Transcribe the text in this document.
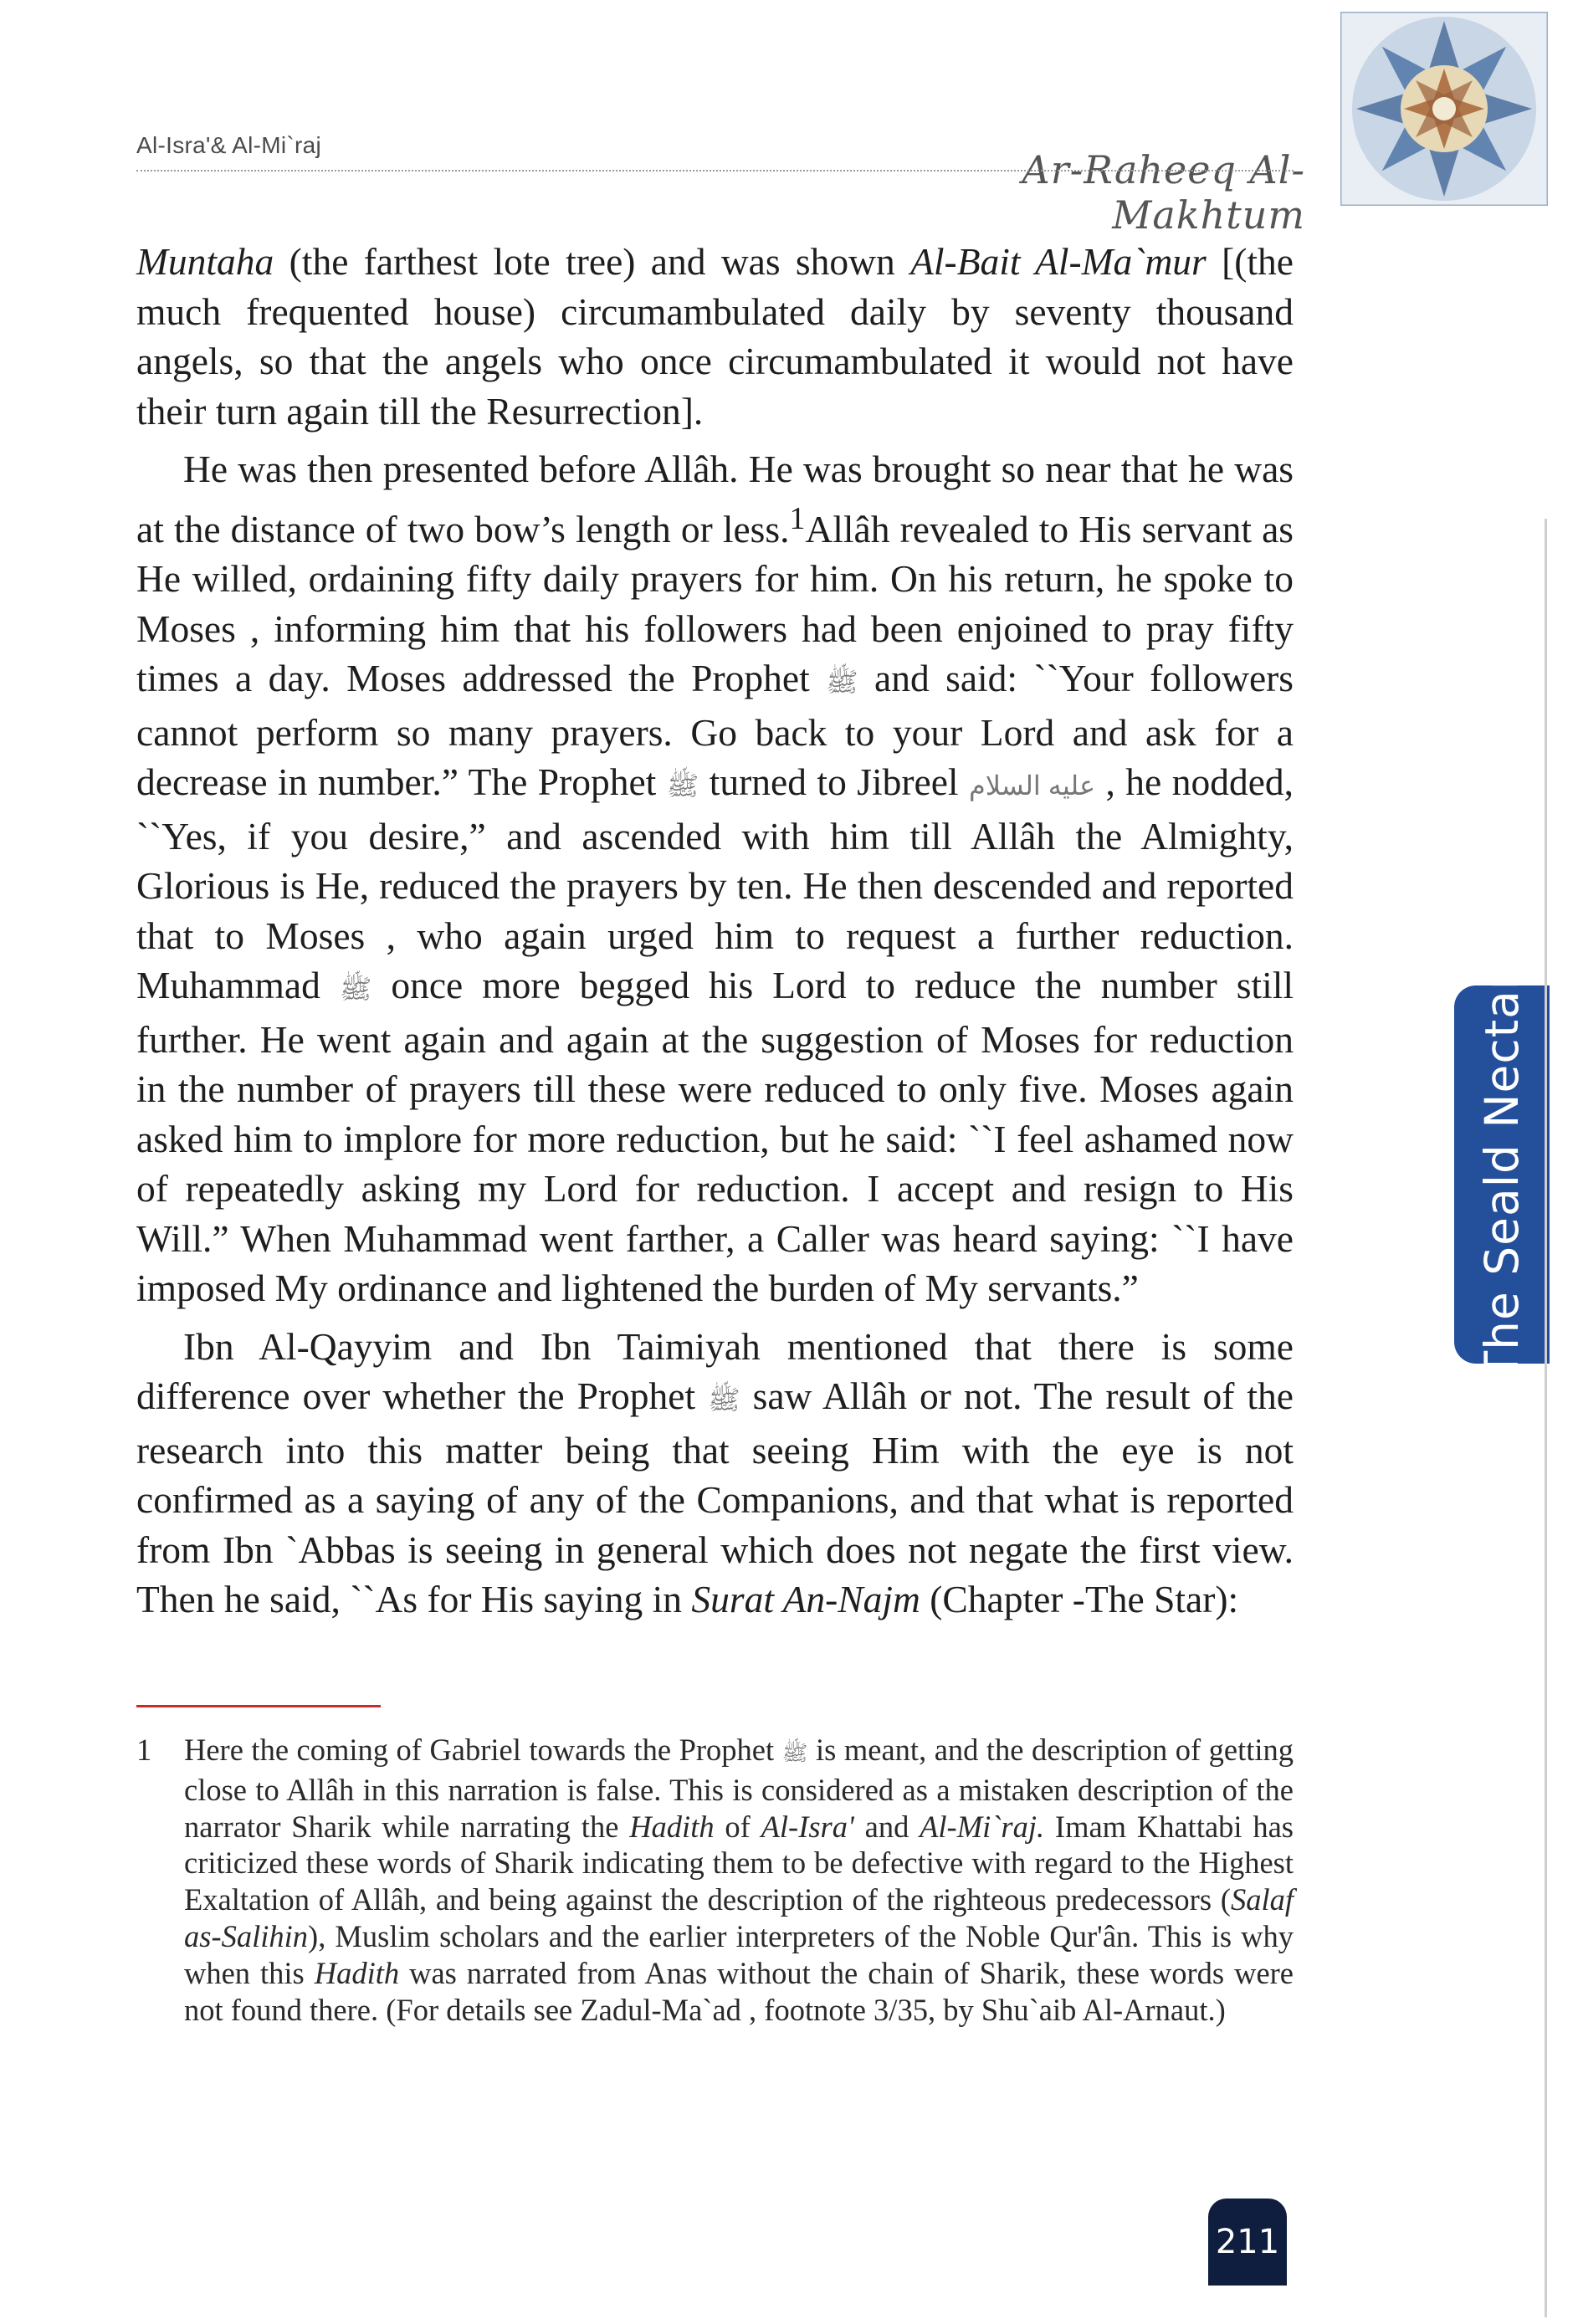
Al-Isra'& Al-Mi`raj
Ar-Raheeq Al-Makhtum
The Seald Nectar

Muntaha (the farthest lote tree) and was shown Al-Bait Al-Ma`mur [(the much frequented house) circumambulated daily by seventy thousand angels, so that the angels who once circumambulated it would not have their turn again till the Resurrection].

He was then presented before Allâh. He was brought so near that he was at the distance of two bow’s length or less.$^1$Allâh revealed to His servant as He willed, ordaining fifty daily prayers for him. On his return, he spoke to Moses , informing him that his followers had been enjoined to pray fifty times a day. Moses addressed the Prophet ﷺ and said: ``Your followers cannot perform so many prayers. Go back to your Lord and ask for a decrease in number.” The Prophet ﷺ turned to Jibreel عليه السلام , he nodded, ``Yes, if you desire,” and ascended with him till Allâh the Almighty, Glorious is He, reduced the prayers by ten. He then descended and reported that to Moses , who again urged him to request a further reduction. Muhammad ﷺ once more begged his Lord to reduce the number still further. He went again and again at the suggestion of Moses for reduction in the number of prayers till these were reduced to only five. Moses again asked him to implore for more reduction, but he said: ``I feel ashamed now of repeatedly asking my Lord for reduction. I accept and resign to His Will.” When Muhammad went farther, a Caller was heard saying: ``I have imposed My ordinance and lightened the burden of My servants.”

Ibn Al-Qayyim and Ibn Taimiyah mentioned that there is some difference over whether the Prophet ﷺ saw Allâh or not. The result of the research into this matter being that seeing Him with the eye is not confirmed as a saying of any of the Companions, and that what is reported from Ibn `Abbas is seeing in general which does not negate the first view. Then he said, ``As for His saying in Surat An-Najm (Chapter -The Star):

1 Here the coming of Gabriel towards the Prophet ﷺ is meant, and the description of getting close to Allâh in this narration is false. This is considered as a mistaken description of the narrator Sharik while narrating the Hadith of Al-Isra' and Al-Mi`raj. Imam Khattabi has criticized these words of Sharik indicating them to be defective with regard to the Highest Exaltation of Allâh, and being against the description of the righteous predecessors (Salaf as-Salihin), Muslim scholars and the earlier interpreters of the Noble Qur'ân. This is why when this Hadith was narrated from Anas without the chain of Sharik, these words were not found there. (For details see Zadul-Ma`ad , footnote 3/35, by Shu`aib Al-Arnaut.)
211
